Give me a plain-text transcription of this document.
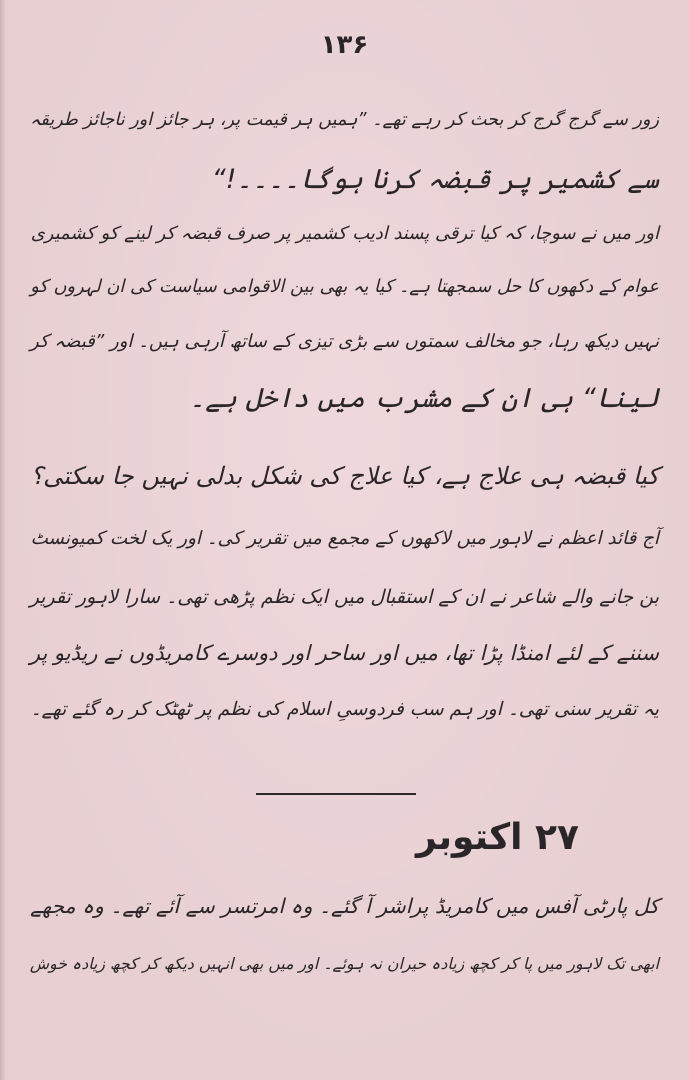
۱۳۶
زور سے گرج گرج کر بحث کر رہے تھے۔ ”ہمیں ہر قیمت پر، ہر جائز اور ناجائز طریقہ
سے کشمیر پر قبضہ کرنا ہوگا۔۔۔۔!“
اور میں نے سوچا، کہ کیا ترقی پسند ادیب کشمیر پر صرف قبضہ کر لینے کو کشمیری
عوام کے دکھوں کا حل سمجھتا ہے۔ کیا یہ بھی بین الاقوامی سیاست کی ان لہروں کو
نہیں دیکھ رہا، جو مخالف سمتوں سے بڑی تیزی کے ساتھ آرہی ہیں۔ اور ”قبضہ کر
لینا“ ہی ان کے مشرب میں داخل ہے۔
کیا قبضہ ہی علاج ہے، کیا علاج کی شکل بدلی نہیں جا سکتی؟
آج قائد اعظم نے لاہور میں لاکھوں کے مجمع میں تقریر کی۔ اور یک لخت کمیونسٹ
بن جانے والے شاعر نے ان کے استقبال میں ایک نظم پڑھی تھی۔ سارا لاہور تقریر
سننے کے لئے امنڈا پڑا تھا، میں اور ساحر اور دوسرے کامریڈوں نے ریڈیو پر
یہ تقریر سنی تھی۔ اور ہم سب فردوسیِ اسلام کی نظم پر ٹھٹک کر رہ گئے تھے۔
۲۷ اکتوبر
کل پارٹی آفس میں کامریڈ پراشر آ گئے۔ وہ امرتسر سے آئے تھے۔ وہ مجھے
ابھی تک لاہور میں پا کر کچھ زیادہ حیران نہ ہوئے۔ اور میں بھی انہیں دیکھ کر کچھ زیادہ خوش
